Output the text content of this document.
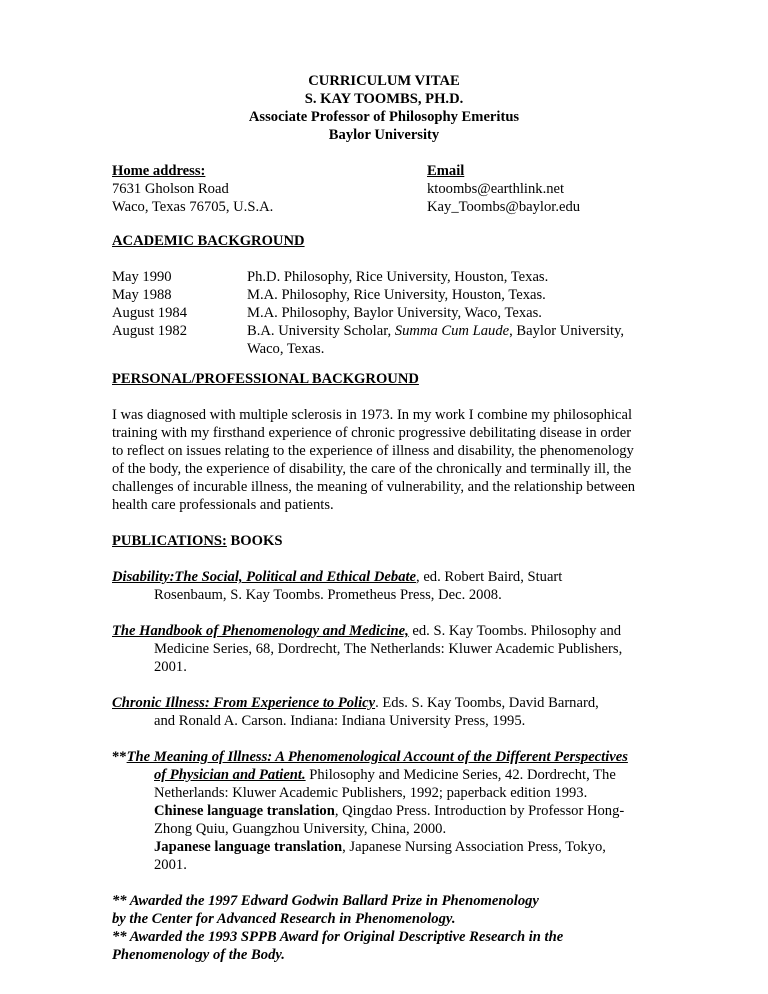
CURRICULUM VITAE
S. KAY TOOMBS, PH.D.
Associate Professor of Philosophy Emeritus
Baylor University
Home address:
7631 Gholson Road
Waco, Texas 76705, U.S.A.
Email
ktoombs@earthlink.net
Kay_Toombs@baylor.edu
ACADEMIC BACKGROUND
May 1990	Ph.D. Philosophy, Rice University, Houston, Texas.
May 1988	M.A. Philosophy, Rice University, Houston, Texas.
August 1984	M.A. Philosophy, Baylor University, Waco, Texas.
August 1982	B.A. University Scholar, Summa Cum Laude, Baylor University,
Waco, Texas.
PERSONAL/PROFESSIONAL BACKGROUND
I was diagnosed with multiple sclerosis in 1973. In my work I combine my philosophical
training with my firsthand experience of chronic progressive debilitating disease in order
to reflect on issues relating to the experience of illness and disability, the phenomenology
of the body, the experience of disability, the care of the chronically and terminally ill, the
challenges of incurable illness, the meaning of vulnerability, and the relationship between
health care professionals and patients.
PUBLICATIONS: BOOKS
Disability:The Social, Political and Ethical Debate, ed. Robert Baird, Stuart
Rosenbaum, S. Kay Toombs. Prometheus Press, Dec. 2008.
The Handbook of Phenomenology and Medicine, ed. S. Kay Toombs. Philosophy and
Medicine Series, 68, Dordrecht, The Netherlands: Kluwer Academic Publishers,
2001.
Chronic Illness: From Experience to Policy. Eds. S. Kay Toombs, David Barnard,
and Ronald A. Carson. Indiana: Indiana University Press, 1995.
**The Meaning of Illness: A Phenomenological Account of the Different Perspectives
of Physician and Patient. Philosophy and Medicine Series, 42. Dordrecht, The
Netherlands: Kluwer Academic Publishers, 1992; paperback edition 1993.
Chinese language translation, Qingdao Press. Introduction by Professor Hong-
Zhong Quiu, Guangzhou University, China, 2000.
Japanese language translation, Japanese Nursing Association Press, Tokyo,
2001.
** Awarded the 1997 Edward Godwin Ballard Prize in Phenomenology
by the Center for Advanced Research in Phenomenology.
** Awarded the 1993 SPPB Award for Original Descriptive Research in the
Phenomenology of the Body.
